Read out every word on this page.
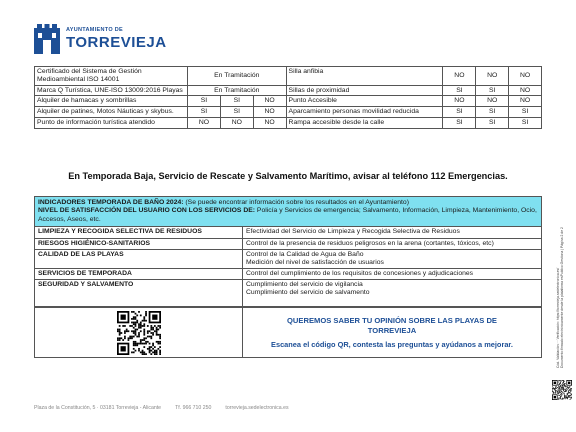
AYUNTAMIENTO DE
TORREVIEJA
Certificado del Sistema de Gestión Medioambiental ISO 14001	En Tramitación			Silla anfibia	NO	NO	NO
Marca Q Turística, UNE-ISO 13009:2016 Playas	En Tramitación			Sillas de proximidad	SI	SI	NO
Alquiler de hamacas y sombrillas	SI	SI	NO	Punto Accesible	NO	NO	NO
Alquiler de patines, Motos Náuticas y skybus.	SI	SI	NO	Aparcamiento personas movilidad reducida	SI	SI	SI
Punto de información turística atendido	NO	NO	NO	Rampa accesible desde la calle	SI	SI	SI
En Temporada Baja, Servicio de Rescate y Salvamento Marítimo, avisar al teléfono 112 Emergencias.
INDICADORES TEMPORADA DE BAÑO 2024: (Se puede encontrar información sobre los resultados en el Ayuntamiento)
NIVEL DE SATISFACCIÓN DEL USUARIO CON LOS SERVICIOS DE: Policía y Servicios de emergencia; Salvamento, Información, Limpieza, Mantenimiento, Ocio, Accesos, Aseos, etc.
LIMPIEZA Y RECOGIDA SELECTIVA DE RESIDUOS	Efectividad del Servicio de Limpieza y Recogida Selectiva de Residuos
RIESGOS HIGIÉNICO-SANITARIOS	Control de la presencia de residuos peligrosos en la arena (cortantes, tóxicos, etc)
CALIDAD DE LAS PLAYAS	Control de la Calidad de Agua de Baño
Medición del nivel de satisfacción de usuarios
SERVICIOS DE TEMPORADA	Control del cumplimiento de los requisitos de concesiones y adjudicaciones
SEGURIDAD Y SALVAMENTO	Cumplimiento del servicio de vigilancia
Cumplimiento del servicio de salvamento
QUEREMOS SABER TU OPINIÓN SOBRE LAS PLAYAS DE TORREVIEJA
Escanea el código QR, contesta las preguntas y ayúdanos a mejorar.
Plaza de la Constitución, 5 · 03181 Torrevieja - Alicante	Tf. 966 710 250	torrevieja.sedelectronica.es
Cód. Validación: ·· Verificación: https://torrevieja.sedelectronica.es/ Documento firmado electrónicamente desde la plataforma esPublico Gestiona | Página 2 de 2
